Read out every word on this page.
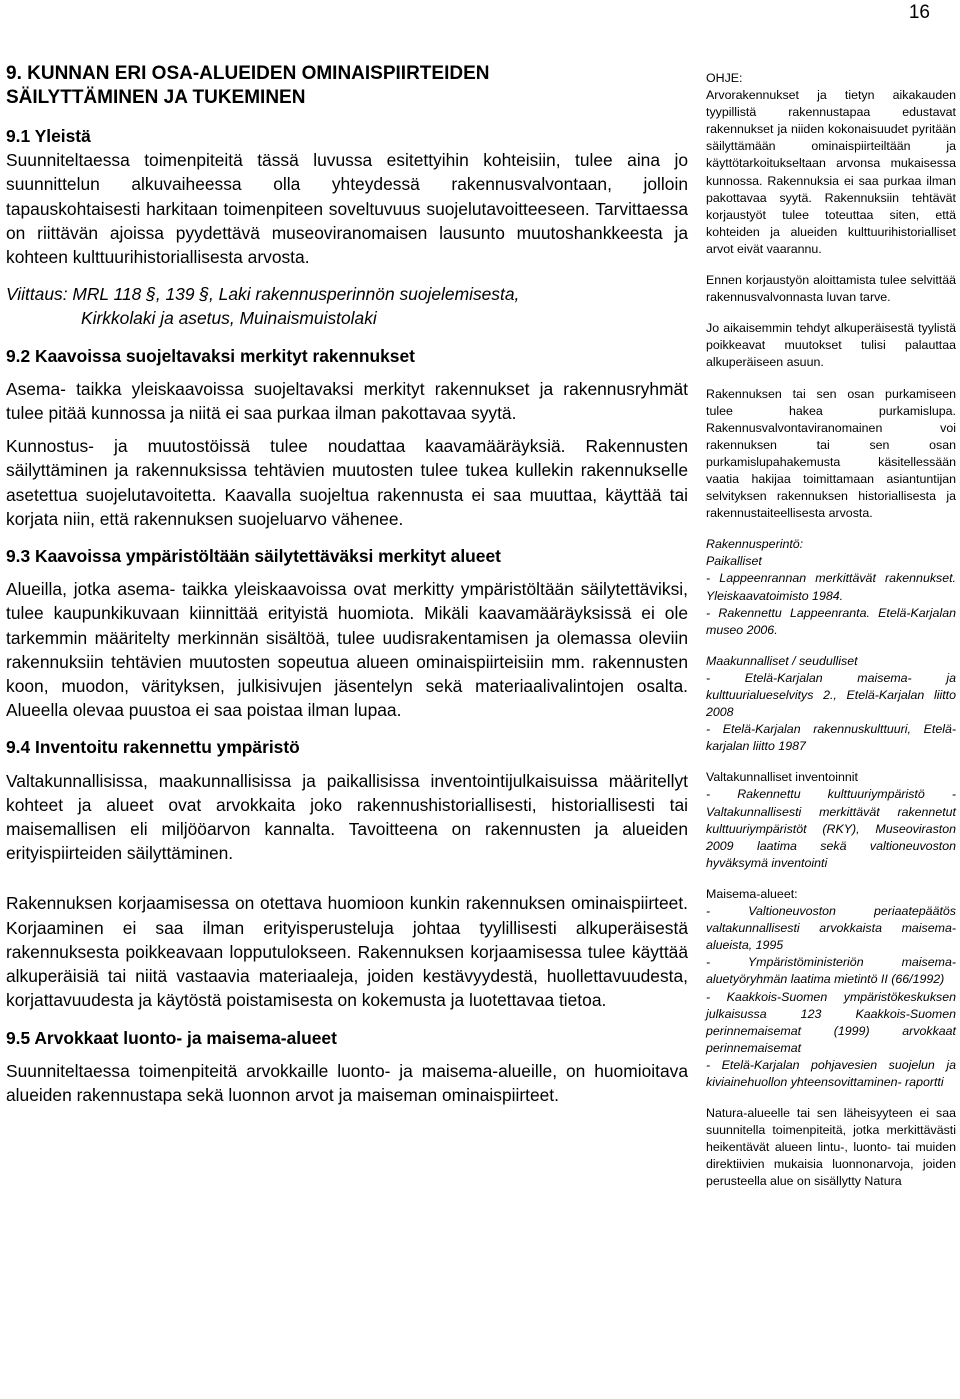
16
9. KUNNAN ERI OSA-ALUEIDEN OMINAISPIIRTEIDEN
SÄILYTTÄMINEN JA TUKEMINEN
9.1 Yleistä

Suunniteltaessa toimenpiteitä tässä luvussa esitettyihin kohteisiin, tulee aina jo suunnittelun alkuvaiheessa olla yhteydessä rakennusvalvontaan, jolloin tapauskohtaisesti harkitaan toimenpiteen soveltuvuus suojelutavoitteeseen. Tarvittaessa on riittävän ajoissa pyydettävä museoviranomaisen lausunto muutoshankkeesta ja kohteen kulttuurihistoriallisesta arvosta.

Viittaus: MRL 118 §, 139 §, Laki rakennusperinnön suojelemisesta,
Kirkkolaki ja asetus, Muinaismuistolaki
9.2 Kaavoissa suojeltavaksi merkityt rakennukset

Asema- taikka yleiskaavoissa suojeltavaksi merkityt rakennukset ja rakennusryhmät tulee pitää kunnossa ja niitä ei saa purkaa ilman pakottavaa syytä.

Kunnostus- ja muutostöissä tulee noudattaa kaavamääräyksiä. Rakennusten säilyttäminen ja rakennuksissa tehtävien muutosten tulee tukea kullekin rakennukselle asetettua suojelutavoitetta. Kaavalla suojeltua rakennusta ei saa muuttaa, käyttää tai korjata niin, että rakennuksen suojeluarvo vähenee.

9.3 Kaavoissa ympäristöltään säilytettäväksi merkityt alueet

Alueilla, jotka asema- taikka yleiskaavoissa ovat merkitty ympäristöltään säilytettäviksi, tulee kaupunkikuvaan kiinnittää erityistä huomiota. Mikäli kaavamääräyksissä ei ole tarkemmin määritelty merkinnän sisältöä, tulee uudisrakentamisen ja olemassa oleviin rakennuksiin tehtävien muutosten sopeutua alueen ominaispiirteisiin mm. rakennusten koon, muodon, värityksen, julkisivujen jäsentelyn sekä materiaalivalintojen osalta. Alueella olevaa puustoa ei saa poistaa ilman lupaa.

9.4 Inventoitu rakennettu ympäristö

Valtakunnallisissa, maakunnallisissa ja paikallisissa inventointijulkaisuissa määritellyt kohteet ja alueet ovat arvokkaita joko rakennushistoriallisesti, historiallisesti tai maisemallisen eli miljööarvon kannalta. Tavoitteena on rakennusten ja alueiden erityispiirteiden säilyttäminen.

Rakennuksen korjaamisessa on otettava huomioon kunkin rakennuksen ominaispiirteet. Korjaaminen ei saa ilman erityisperusteluja johtaa tyylillisesti alkuperäisestä rakennuksesta poikkeavaan lopputulokseen. Rakennuksen korjaamisessa tulee käyttää alkuperäisiä tai niitä vastaavia materiaaleja, joiden kestävyydestä, huollettavuudesta, korjattavuudesta ja käytöstä poistamisesta on kokemusta ja luotettavaa tietoa.

9.5 Arvokkaat luonto- ja maisema-alueet

Suunniteltaessa toimenpiteitä arvokkaille luonto- ja maisema-alueille, on huomioitava alueiden rakennustapa sekä luonnon arvot ja maiseman ominaispiirteet.

OHJE:

Arvorakennukset ja tietyn aikakauden tyypillistä rakennustapaa edustavat rakennukset ja niiden kokonaisuudet pyritään säilyttämään ominaispiirteiltään ja käyttötarkoitukseltaan arvonsa mukaisessa kunnossa. Rakennuksia ei saa purkaa ilman pakottavaa syytä. Rakennuksiin tehtävät korjaustyöt tulee toteuttaa siten, että kohteiden ja alueiden kulttuurihistorialliset arvot eivät vaarannu.

Ennen korjaustyön aloittamista tulee selvittää rakennusvalvonnasta luvan tarve.

Jo aikaisemmin tehdyt alkuperäisestä tyylistä poikkeavat muutokset tulisi palauttaa alkuperäiseen asuun.

Rakennuksen tai sen osan purkamiseen tulee hakea purkamislupa. Rakennusvalvontaviranomainen voi rakennuksen tai sen osan purkamislupahakemusta käsitellessään vaatia hakijaa toimittamaan asiantuntijan selvityksen rakennuksen historiallisesta ja rakennustaiteellisesta arvosta.

Rakennusperintö:
Paikalliset

- Lappeenrannan merkittävät rakennukset. Yleiskaavatoimisto 1984.

- Rakennettu Lappeenranta. Etelä-Karjalan museo 2006.

Maakunnalliset / seudulliset

- Etelä-Karjalan maisema- ja kulttuurialueselvitys 2., Etelä-Karjalan liitto 2008

- Etelä-Karjalan rakennuskulttuuri, Etelä-karjalan liitto 1987

Valtakunnalliset inventoinnit

- Rakennettu kulttuuriympäristö - Valtakunnallisesti merkittävät rakennetut kulttuuriympäristöt (RKY), Museoviraston 2009 laatima sekä valtioneuvoston hyväksymä inventointi

Maisema-alueet:

- Valtioneuvoston periaatepäätös valtakunnallisesti arvokkaista maisema-alueista, 1995

- Ympäristöministeriön maisema-aluetyöryhmän laatima mietintö II (66/1992)

- Kaakkois-Suomen ympäristökeskuksen julkaisussa 123 Kaakkois-Suomen perinnemaisemat (1999) arvokkaat perinnemaisemat

- Etelä-Karjalan pohjavesien suojelun ja kiviainehuollon yhteensovittaminen- raportti

Natura-alueelle tai sen läheisyyteen ei saa suunnitella toimenpiteitä, jotka merkittävästi heikentävät alueen lintu-, luonto- tai muiden direktiivien mukaisia luonnonarvoja, joiden perusteella alue on sisällytty Natura
